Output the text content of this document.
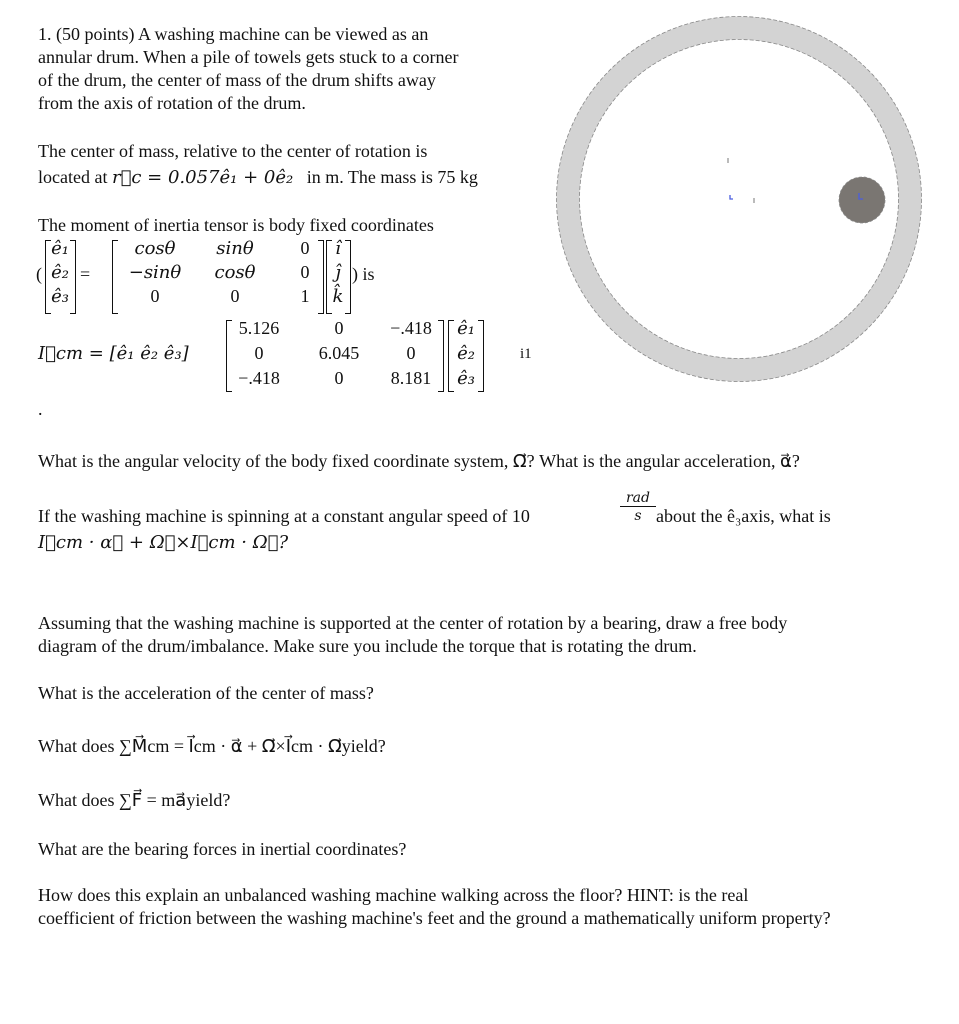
1. (50 points) A washing machine can be viewed as an
annular drum. When a pile of towels gets stuck to a corner
of the drum, the center of mass of the drum shifts away
from the axis of rotation of the drum.
The center of mass, relative to the center of rotation is
located at r⃗c = 0.057ê₁ + 0ê₂ in m. The mass is 75 kg
The moment of inertia tensor is body fixed coordinates
(
ê₁
ê₂
ê₃
=
cosθ	sinθ	0
−sinθ	cosθ	0
0	0	1
î
ĵ
k̂
) is
I⃗cm = [ê₁ ê₂ ê₃]
5.126	0	−.418
0	6.045	0
−.418	0	8.181
ê₁
ê₂
ê₃
i1
.
What is the angular velocity of the body fixed coordinate system, Ω⃗? What is the angular acceleration, α⃗?
If the washing machine is spinning at a constant angular speed of 10
rad
s about the ê₃axis, what is
I⃗cm · α⃗ + Ω⃗×I⃗cm · Ω⃗?
Assuming that the washing machine is supported at the center of rotation by a bearing, draw a free body
diagram of the drum/imbalance. Make sure you include the torque that is rotating the drum.
What is the acceleration of the center of mass?
What does ∑M⃗cm = I⃗cm · α⃗ + Ω⃗×I⃗cm · Ω⃗yield?
What does ∑F⃗ = ma⃗yield?
What are the bearing forces in inertial coordinates?
How does this explain an unbalanced washing machine walking across the floor? HINT: is the real
coefficient of friction between the washing machine's feet and the ground a mathematically uniform property?
